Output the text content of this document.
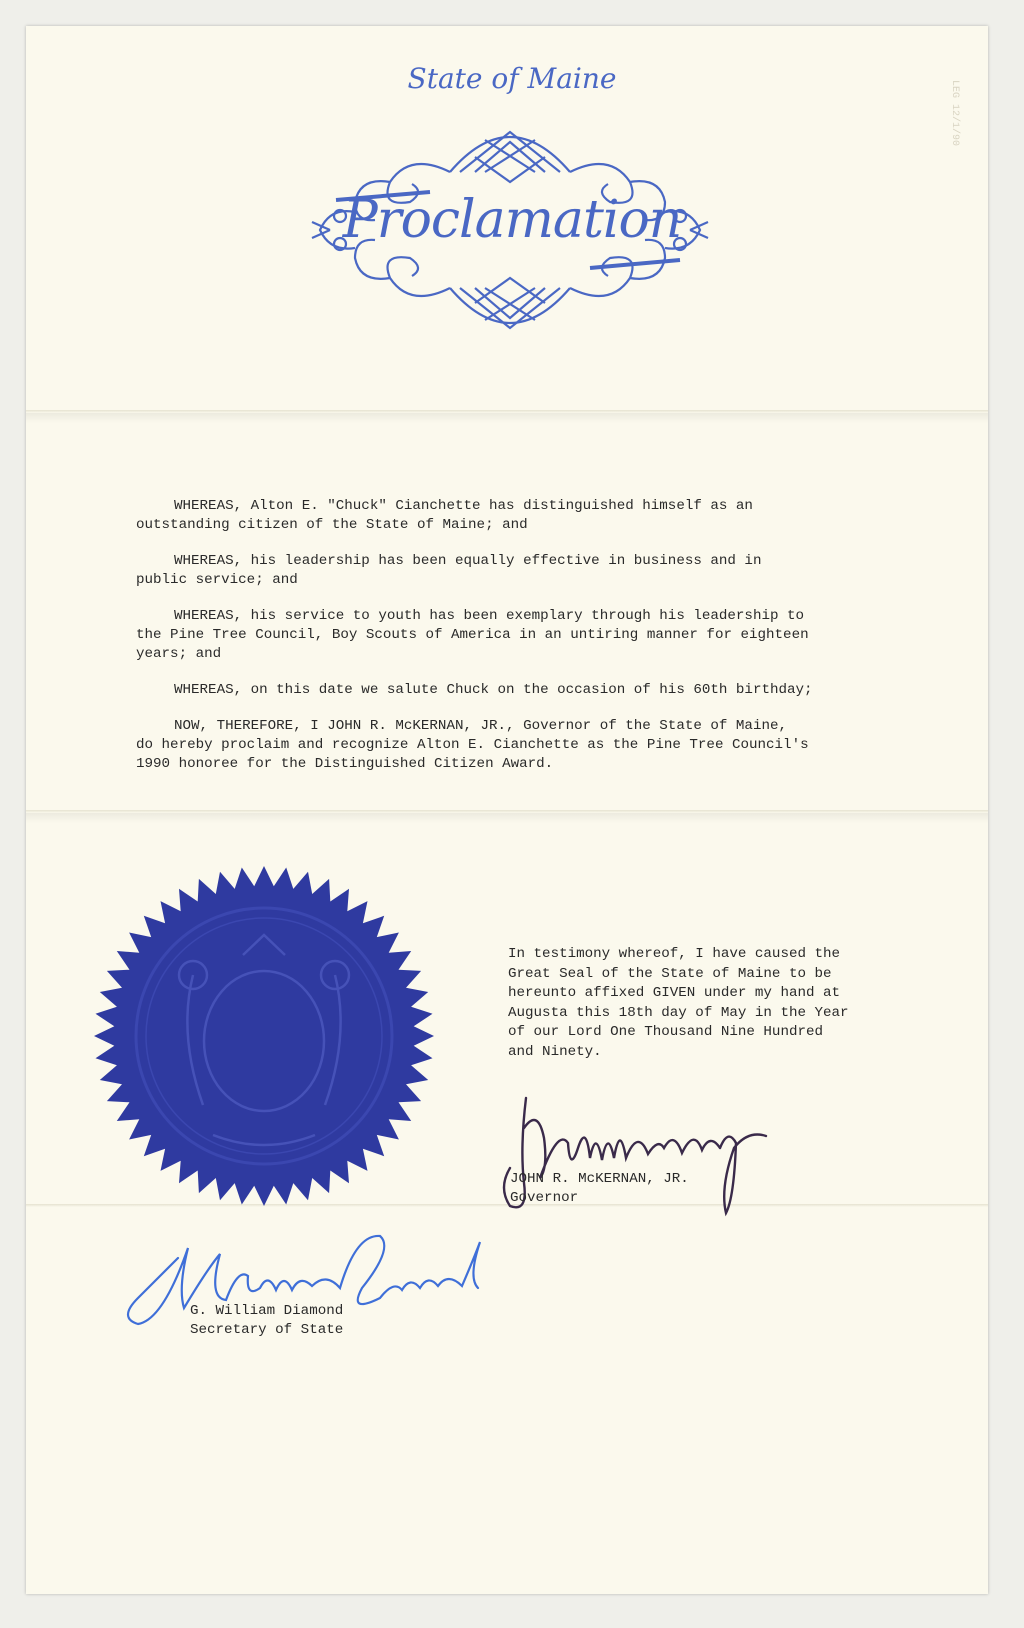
LEG 12/1/90
State of Maine
Proclamation

WHEREAS, Alton E. "Chuck" Cianchette has distinguished himself as an
outstanding citizen of the State of Maine; and

WHEREAS, his leadership has been equally effective in business and in
public service; and

WHEREAS, his service to youth has been exemplary through his leadership to
the Pine Tree Council, Boy Scouts of America in an untiring manner for eighteen
years; and

WHEREAS, on this date we salute Chuck on the occasion of his 60th birthday;

NOW, THEREFORE, I JOHN R. McKERNAN, JR., Governor of the State of Maine,
do hereby proclaim and recognize Alton E. Cianchette as the Pine Tree Council's
1990 honoree for the Distinguished Citizen Award.

In testimony whereof, I have caused the
Great Seal of the State of Maine to be
hereunto affixed GIVEN under my hand at
Augusta this 18th day of May in the Year
of our Lord One Thousand Nine Hundred
and Ninety.
JOHN R. McKERNAN, JR.
Governor
G. William Diamond
Secretary of State
